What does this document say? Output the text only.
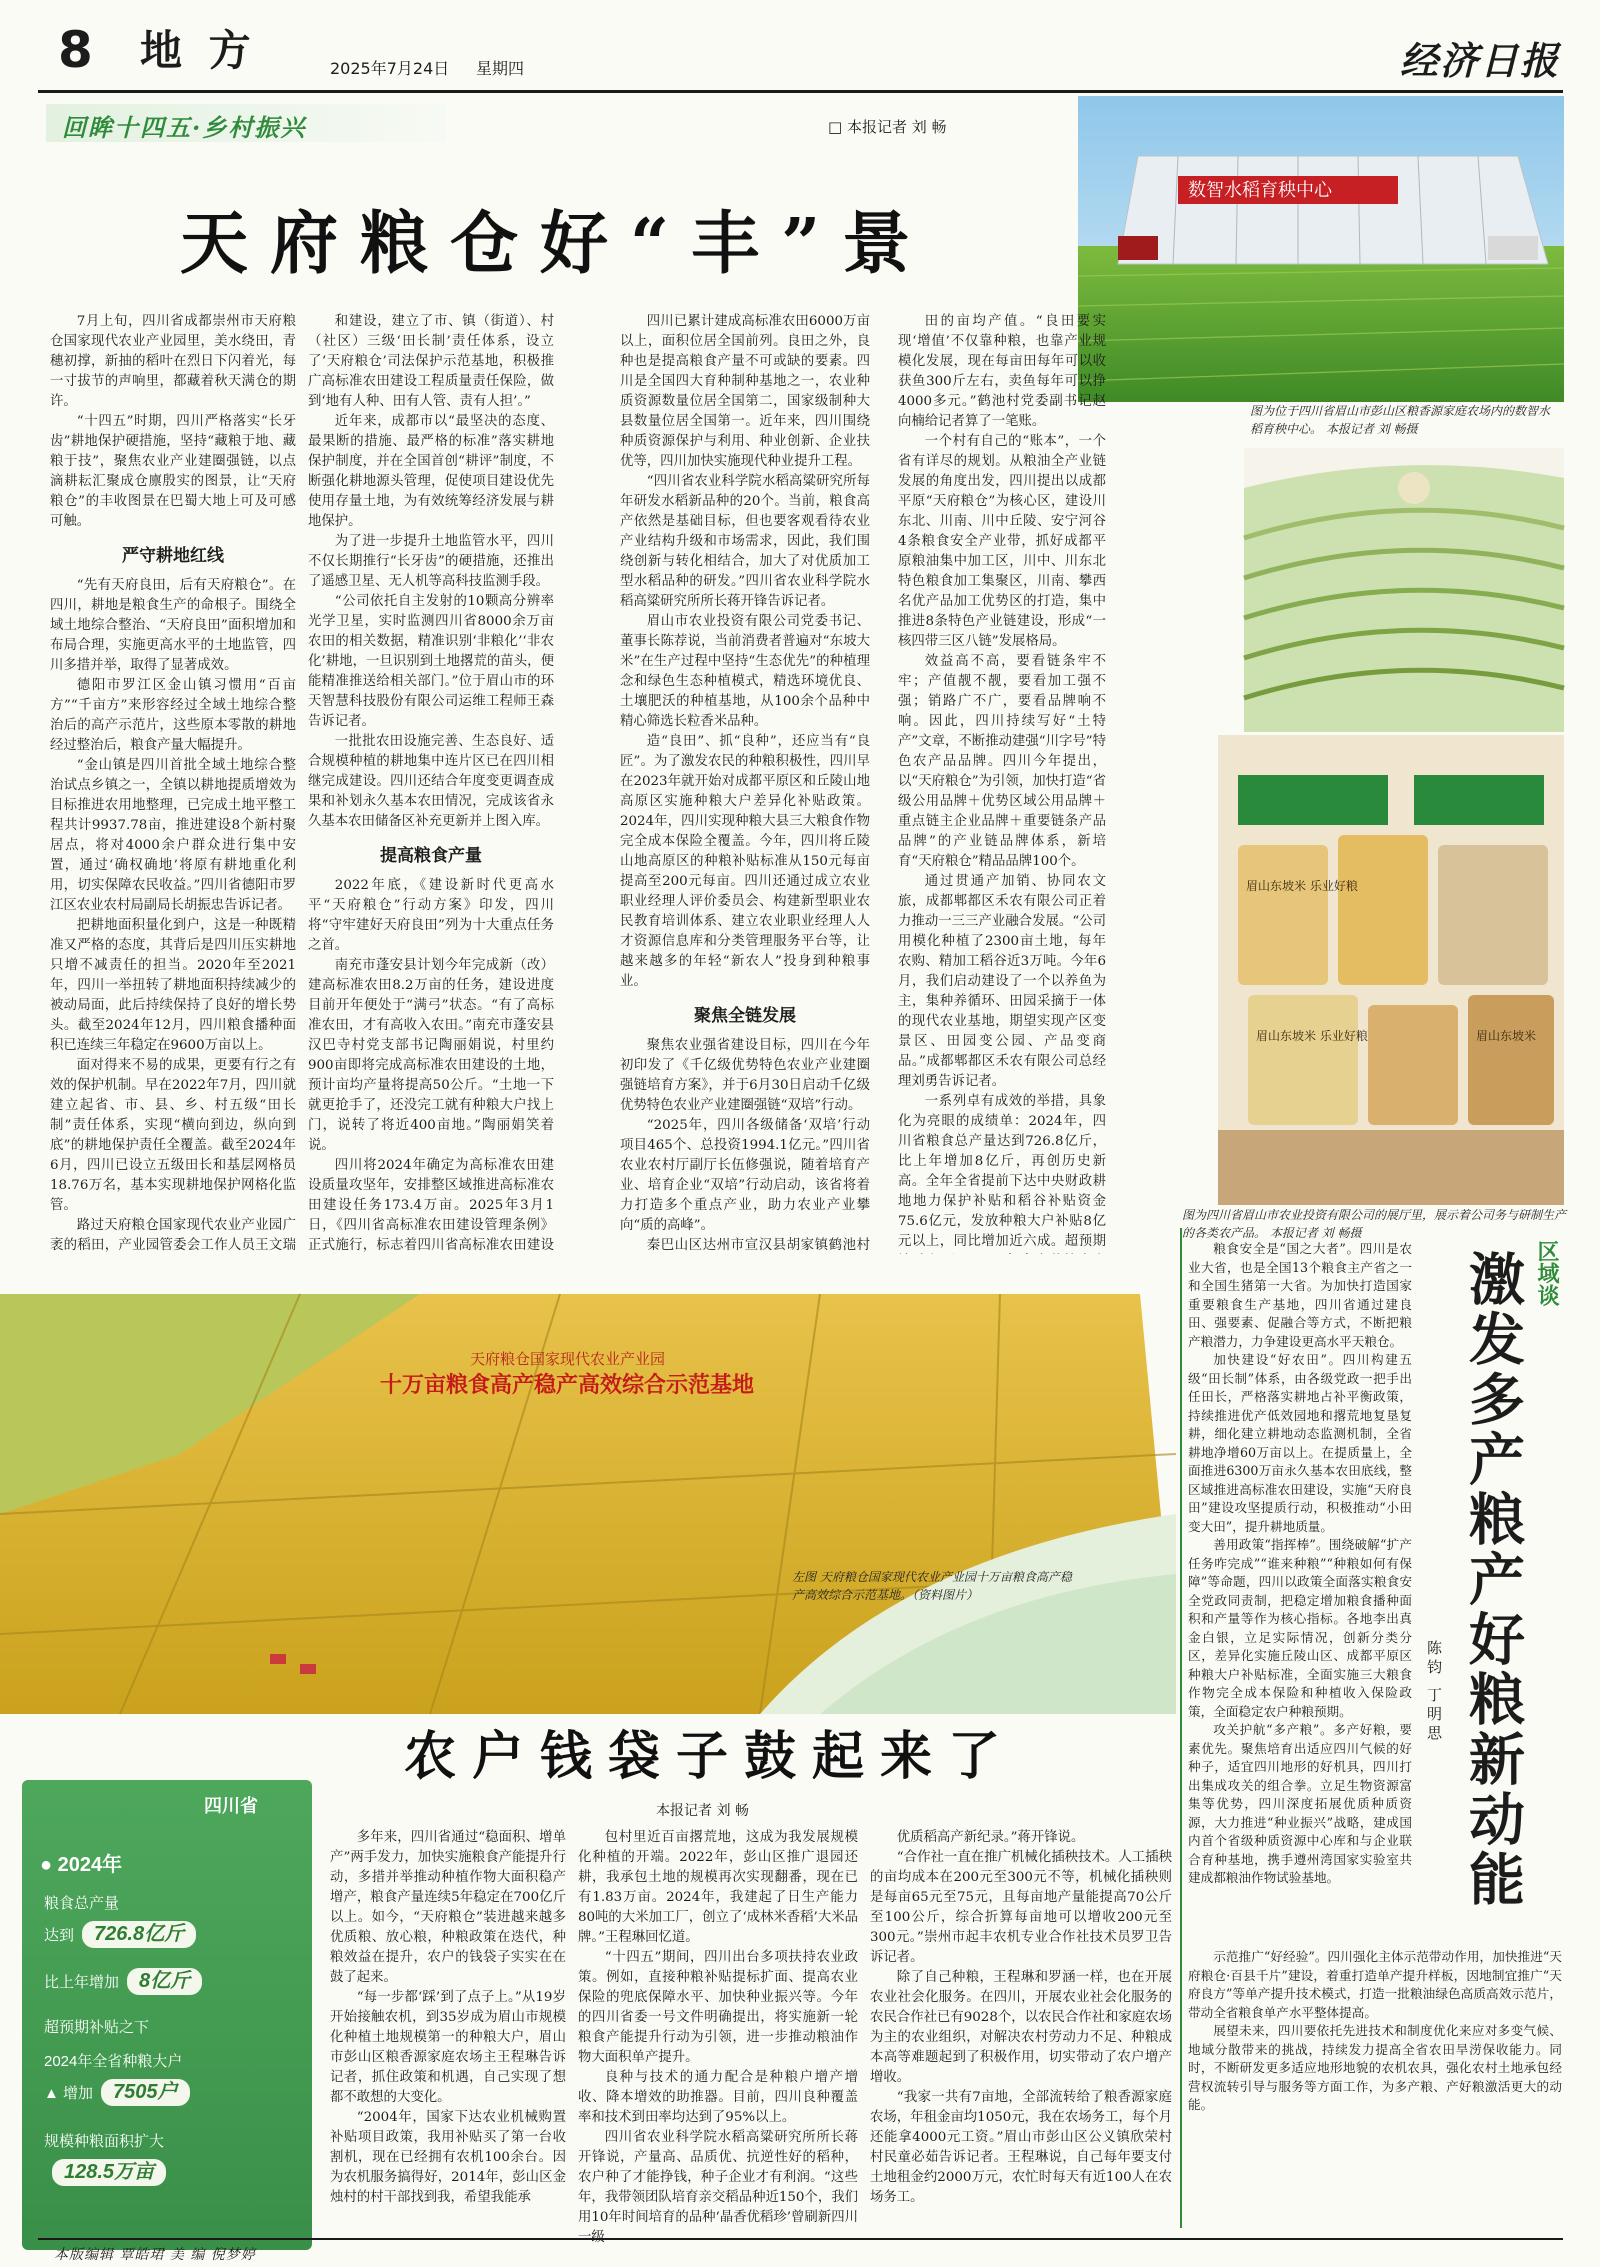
8 地 方	2025年7月24日 星期四	经济日报
回眸十四五·乡村振兴	□ 本报记者 刘 畅
天府粮仓好“丰”景
数智水稻育秧中心
图为位于四川省眉山市彭山区粮香源家庭农场内的数智水稻育秧中心。 本报记者 刘 畅摄
眉山东坡米 乐业好粮
眉山东坡米 乐业好粮	眉山东坡米
图为四川省眉山市农业投资有限公司的展厅里，展示着公司务与研制生产的各类农产品。 本报记者 刘 畅摄

7月上旬，四川省成都崇州市天府粮仓国家现代农业产业园里，美水绕田，青穗初撑，新抽的稻叶在烈日下闪着光，每一寸拔节的声响里，都藏着秋天满仓的期许。

“十四五”时期，四川严格落实“长牙齿”耕地保护硬措施，坚持“藏粮于地、藏粮于技”，聚焦农业产业建圈强链，以点滴耕耘汇聚成仓廪殷实的图景，让“天府粮仓”的丰收图景在巴蜀大地上可及可感可触。

严守耕地红线

“先有天府良田，后有天府粮仓”。在四川，耕地是粮食生产的命根子。围绕全域土地综合整治、“天府良田”面积增加和布局合理，实施更高水平的土地监管，四川多措并举，取得了显著成效。

德阳市罗江区金山镇习惯用“百亩方”“千亩方”来形容经过全域土地综合整治后的高产示范片，这些原本零散的耕地经过整治后，粮食产量大幅提升。

“金山镇是四川首批全域土地综合整治试点乡镇之一，全镇以耕地提质增效为目标推进农用地整理，已完成土地平整工程共计9937.78亩，推进建设8个新村聚居点，将对4000余户群众进行集中安置，通过‘确权确地’将原有耕地重化利用，切实保障农民收益。”四川省德阳市罗江区农业农村局副局长胡振忠告诉记者。

把耕地面积量化到户，这是一种既精准又严格的态度，其背后是四川压实耕地只增不减责任的担当。2020年至2021年，四川一举扭转了耕地面积持续减少的被动局面，此后持续保持了良好的增长势头。截至2024年12月，四川粮食播种面积已连续三年稳定在9600万亩以上。

面对得来不易的成果，更要有行之有效的保护机制。早在2022年7月，四川就建立起省、市、县、乡、村五级“田长制”责任体系，实现“横向到边，纵向到底”的耕地保护责任全覆盖。截至2024年6月，四川已设立五级田长和基层网格员18.76万名，基本实现耕地保护网格化监管。

路过天府粮仓国家现代农业产业园广袤的稻田，产业园管委会工作人员王文瑞

和建设，建立了市、镇（街道）、村（社区）三级‘田长制’责任体系，设立了‘天府粮仓’司法保护示范基地，积极推广高标准农田建设工程质量责任保险，做到‘地有人种、田有人管、责有人担’。”

近年来，成都市以“最坚决的态度、最果断的措施、最严格的标准”落实耕地保护制度，并在全国首创“耕评”制度，不断强化耕地源头管理，促使项目建设优先使用存量土地，为有效统筹经济发展与耕地保护。

为了进一步提升土地监管水平，四川不仅长期推行“长牙齿”的硬措施，还推出了遥感卫星、无人机等高科技监测手段。

“公司依托自主发射的10颗高分辨率光学卫星，实时监测四川省8000余万亩农田的相关数据，精准识别‘非粮化’‘非农化’耕地，一旦识别到土地撂荒的苗头，便能精准推送给相关部门。”位于眉山市的环天智慧科技股份有限公司运维工程师王森告诉记者。

一批批农田设施完善、生态良好、适合规模种植的耕地集中连片区已在四川相继完成建设。四川还结合年度变更调查成果和补划永久基本农田情况，完成该省永久基本农田储备区补充更新并上图入库。

提高粮食产量

2022年底，《建设新时代更高水平“天府粮仓”行动方案》印发，四川将“守牢建好天府良田”列为十大重点任务之首。

南充市蓬安县计划今年完成新（改）建高标准农田8.2万亩的任务，建设进度目前开年便处于“满弓”状态。“有了高标准农田，才有高收入农田。”南充市蓬安县汉巴寺村党支部书记陶丽娟说，村里约900亩即将完成高标准农田建设的土地，预计亩均产量将提高50公斤。“土地一下就更抢手了，还没完工就有种粮大户找上门，说转了将近400亩地。”陶丽娟笑着说。

四川将2024年确定为高标准农田建设质量攻坚年，安排整区域推进高标准农田建设任务173.4万亩。2025年3月1日，《四川省高标准农田建设管理条例》正式施行，标志着四川省高标准农田建设

四川已累计建成高标准农田6000万亩以上，面积位居全国前列。良田之外，良种也是提高粮食产量不可或缺的要素。四川是全国四大育种制种基地之一，农业种质资源数量位居全国第二，国家级制种大县数量位居全国第一。近年来，四川围绕种质资源保护与利用、种业创新、企业扶优等，四川加快实施现代种业提升工程。

“四川省农业科学院水稻高粱研究所每年研发水稻新品种的20个。当前，粮食高产依然是基础目标，但也要客观看待农业产业结构升级和市场需求，因此，我们围绕创新与转化相结合，加大了对优质加工型水稻品种的研发。”四川省农业科学院水稻高粱研究所所长蒋开锋告诉记者。

眉山市农业投资有限公司党委书记、董事长陈荐说，当前消费者普遍对“东坡大米”在生产过程中坚持“生态优先”的种植理念和绿色生态种植模式，精选环境优良、土壤肥沃的种植基地，从100余个品种中精心筛选长粒香米品种。

造“良田”、抓“良种”，还应当有“良匠”。为了激发农民的种粮积极性，四川早在2023年就开始对成都平原区和丘陵山地高原区实施种粮大户差异化补贴政策。2024年，四川实现种粮大县三大粮食作物完全成本保险全覆盖。今年，四川将丘陵山地高原区的种粮补贴标准从150元每亩提高至200元每亩。四川还通过成立农业职业经理人评价委员会、构建新型职业农民教育培训体系、建立农业职业经理人人才资源信息库和分类管理服务平台等，让越来越多的年轻“新农人”投身到种粮事业。

聚焦全链发展

聚焦农业强省建设目标，四川在今年初印发了《千亿级优势特色农业产业建圈强链培育方案》，并于6月30日启动千亿级优势特色农业产业建圈强链“双培”行动。

“2025年，四川各级储备‘双培’行动项目465个、总投资1994.1亿元。”四川省农业农村厅副厅长伍修强说，随着培育产业、培育企业“双培”行动启动，该省将着力打造多个重点产业，助力农业产业攀向“质的高峰”。

秦巴山区达州市宣汉县胡家镇鹤池村

田的亩均产值。“良田要实现‘增值’不仅靠种粮，也靠产业规模化发展，现在每亩田每年可以收获鱼300斤左右，卖鱼每年可以挣4000多元。”鹤池村党委副书记赵向楠给记者算了一笔账。

一个村有自己的“账本”，一个省有详尽的规划。从粮油全产业链发展的角度出发，四川提出以成都平原“天府粮仓”为核心区，建设川东北、川南、川中丘陵、安宁河谷4条粮食安全产业带，抓好成都平原粮油集中加工区，川中、川东北特色粮食加工集聚区，川南、攀西名优产品加工优势区的打造，集中推进8条特色产业链建设，形成“一核四带三区八链”发展格局。

效益高不高，要看链条牢不牢；产值靓不靓，要看加工强不强；销路广不广，要看品牌响不响。因此，四川持续写好“土特产”文章，不断推动建强“川字号”特色农产品品牌。四川今年提出，以“天府粮仓”为引领，加快打造“省级公用品牌＋优势区域公用品牌＋重点链主企业品牌＋重要链条产品品牌”的产业链品牌体系，新培育“天府粮仓”精品品牌100个。

通过贯通产加销、协同农文旅，成都郫都区禾农有限公司正着力推动一三三产业融合发展。“公司用模化种植了2300亩土地，每年农购、精加工稻谷近3万吨。今年6月，我们启动建设了一个以养鱼为主，集种养循环、田园采摘于一体的现代农业基地，期望实现产区变景区、田园变公园、产品变商品。”成都郫都区禾农有限公司总经理刘勇告诉记者。

一系列卓有成效的举措，具象化为亮眼的成绩单：2024年，四川省粮食总产量达到726.8亿斤，比上年增加8亿斤，再创历史新高。全年全省提前下达中央财政耕地地力保护补贴和稻谷补贴资金75.6亿元，发放种粮大户补贴8亿元以上，同比增加近六成。超预期

天府粮仓国家现代农业产业园
十万亩粮食高产稳产高效综合示范基地
左图 天府粮仓国家现代农业产业园十万亩粮食高产稳产高效综合示范基地。（资料图片）
区域谈
激发多产粮产好粮新动能
陈钧 丁明思

粮食安全是“国之大者”。四川是农业大省，也是全国13个粮食主产省之一和全国生猪第一大省。为加快打造国家重要粮食生产基地，四川省通过建良田、强要素、促融合等方式，不断把粮产粮潜力，力争建设更高水平天粮仓。

加快建设“好农田”。四川构建五级“田长制”体系，由各级党政一把手出任田长，严格落实耕地占补平衡政策，持续推进优产低效园地和撂荒地复垦复耕，细化建立耕地动态监测机制，全省耕地净增60万亩以上。在提质量上，全面推进6300万亩永久基本农田底线，整区域推进高标准农田建设，实施“天府良田”建设攻坚提质行动，积极推动“小田变大田”，提升耕地质量。

善用政策“指挥棒”。围绕破解“扩产任务咋完成”“谁来种粮”“种粮如何有保障”等命题，四川以政策全面落实粮食安全党政同责制，把稳定增加粮食播种面积和产量等作为核心指标。各地李出真金白银，立足实际情况，创新分类分区，差异化实施丘陵山区、成都平原区种粮大户补贴标准，全面实施三大粮食作物完全成本保险和种植收入保险政策，全面稳定农户种粮预期。

攻关护航“多产粮”。多产好粮，要素优先。聚焦培育出适应四川气候的好种子，适宜四川地形的好机具，四川打出集成攻关的组合拳。立足生物资源富集等优势，四川深度拓展优质种质资源，大力推进“种业振兴”战略，建成国内首个省级种质资源中心库和与企业联合育种基地，携手遵州湾国家实验室共建成都粮油作物试验基地。

示范推广“好经验”。四川强化主体示范带动作用，加快推进“天府粮仓·百县千片”建设，着重打造单产提升样板，因地制宜推广“天府良方”等单产提升技术模式，打造一批粮油绿色高质高效示范片，带动全省粮食单产水平整体提高。

展望未来，四川要依托先进技术和制度优化来应对多变气候、地域分散带来的挑战，持续发力提高全省农田旱涝保收能力。同时，不断研发更多适应地形地貌的农机农具，强化农村土地承包经营权流转引导与服务等方面工作，为多产粮、产好粮激活更大的动能。

农户钱袋子鼓起来了
本报记者 刘 畅
四川省
● 2024年
粮食总产量
达到 726.8亿斤
比上年增加 8亿斤
超预期补贴之下
2024年全省种粮大户
▲ 增加 7505户
规模种粮面积扩大
128.5万亩

多年来，四川省通过“稳面积、增单产”两手发力，加快实施粮食产能提升行动，多措并举推动种植作物大面积稳产增产，粮食产量连续5年稳定在700亿斤以上。如今，“天府粮仓”装进越来越多优质粮、放心粮，种粮政策在迭代，种粮效益在提升，农户的钱袋子实实在在鼓了起来。

“每一步都‘踩’到了点子上。”从19岁开始接触农机，到35岁成为眉山市规模化种植土地规模第一的种粮大户，眉山市彭山区粮香源家庭农场主王程琳告诉记者，抓住政策和机遇，自己实现了想都不敢想的大变化。

“2004年，国家下达农业机械购置补贴项目政策，我用补贴买了第一台收割机，现在已经拥有农机100余台。因为农机服务搞得好，2014年，彭山区金烛村的村干部找到我，希望我能承

包村里近百亩撂荒地，这成为我发展规模化种植的开端。2022年，彭山区推广退园还耕，我承包土地的规模再次实现翻番，现在已有1.83万亩。2024年，我建起了日生产能力80吨的大米加工厂，创立了‘成林米香稻’大米品牌。”王程琳回忆道。

“十四五”期间，四川出台多项扶持农业政策。例如，直接种粮补贴提标扩面、提高农业保险的兜底保障水平、加快种业振兴等。今年的四川省委一号文件明确提出，将实施新一轮粮食产能提升行动为引领，进一步推动粮油作物大面积单产提升。

良种与技术的通力配合是种粮户增产增收、降本增效的助推器。目前，四川良种覆盖率和技术到田率均达到了95%以上。

四川省农业科学院水稻高粱研究所所长蒋开锋说，产量高、品质优、抗逆性好的稻种，农户种了才能挣钱，种子企业才有利润。“这些年，我带领团队培育亲交稻品种近150个，我们用10年时间培育的品种‘晶香优稻珍’曾刷新四川

优质稻高产新纪录。”蒋开锋说。

“合作社一直在推广机械化插秧技术。人工插秧的亩均成本在200元至300元不等，机械化插秧则是每亩65元至75元，且每亩地产量能提高70公斤至100公斤，综合折算每亩地可以增收200元至300元。”崇州市起丰农机专业合作社技术员罗卫告诉记者。

除了自己种粮，王程琳和罗涵一样，也在开展农业社会化服务。在四川，开展农业社会化服务的农民合作社已有9028个，以农民合作社和家庭农场为主的农业组织，对解决农村劳动力不足、种粮成本高等难题起到了积极作用，切实带动了农户增产增收。

“我家一共有7亩地，全部流转给了粮香源家庭农场，年租金亩均1050元，我在农场务工，每个月还能拿4000元工资。”眉山市彭山区公义镇欣荣村村民童必茹告诉记者。王程琳说，自己每年要支付土地租金约2000万元，农忙时每天有近100人在农场务工。

本版编辑 覃皓珺 美 编 倪梦婷
